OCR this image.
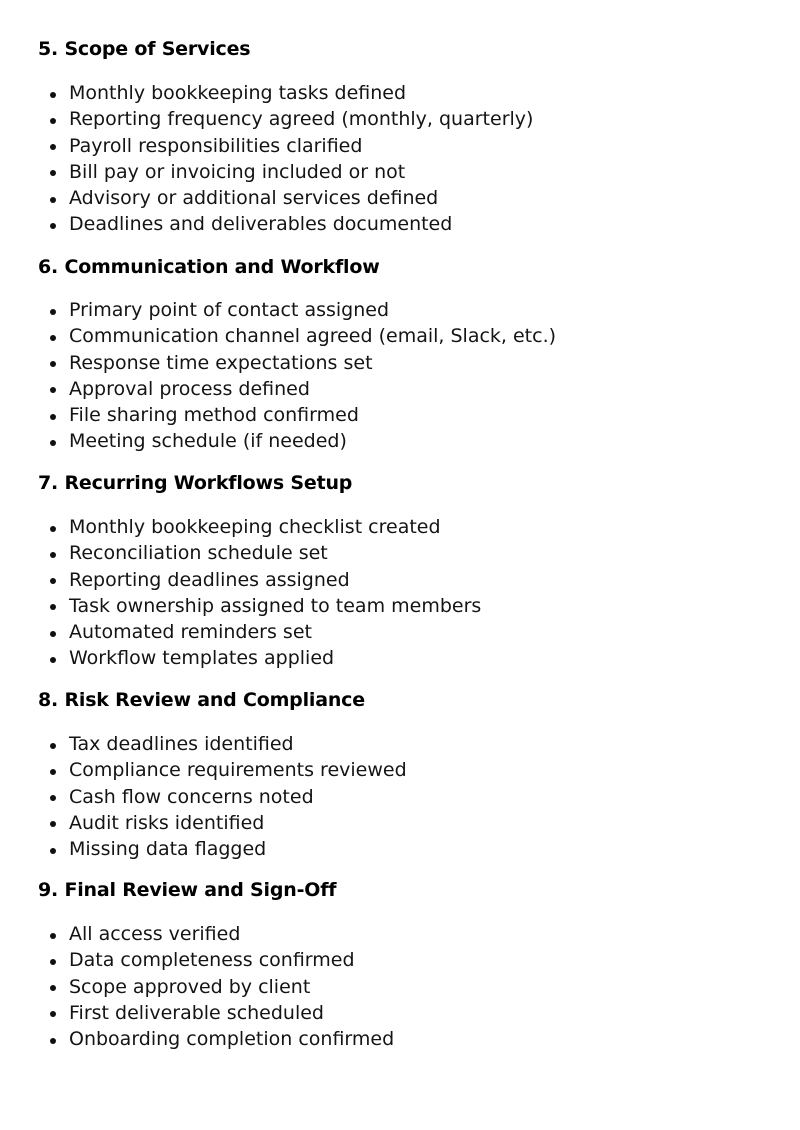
5. Scope of Services
Monthly bookkeeping tasks defined
Reporting frequency agreed (monthly, quarterly)
Payroll responsibilities clarified
Bill pay or invoicing included or not
Advisory or additional services defined
Deadlines and deliverables documented
6. Communication and Workflow
Primary point of contact assigned
Communication channel agreed (email, Slack, etc.)
Response time expectations set
Approval process defined
File sharing method confirmed
Meeting schedule (if needed)
7. Recurring Workflows Setup
Monthly bookkeeping checklist created
Reconciliation schedule set
Reporting deadlines assigned
Task ownership assigned to team members
Automated reminders set
Workflow templates applied
8. Risk Review and Compliance
Tax deadlines identified
Compliance requirements reviewed
Cash flow concerns noted
Audit risks identified
Missing data flagged
9. Final Review and Sign-Off
All access verified
Data completeness confirmed
Scope approved by client
First deliverable scheduled
Onboarding completion confirmed
